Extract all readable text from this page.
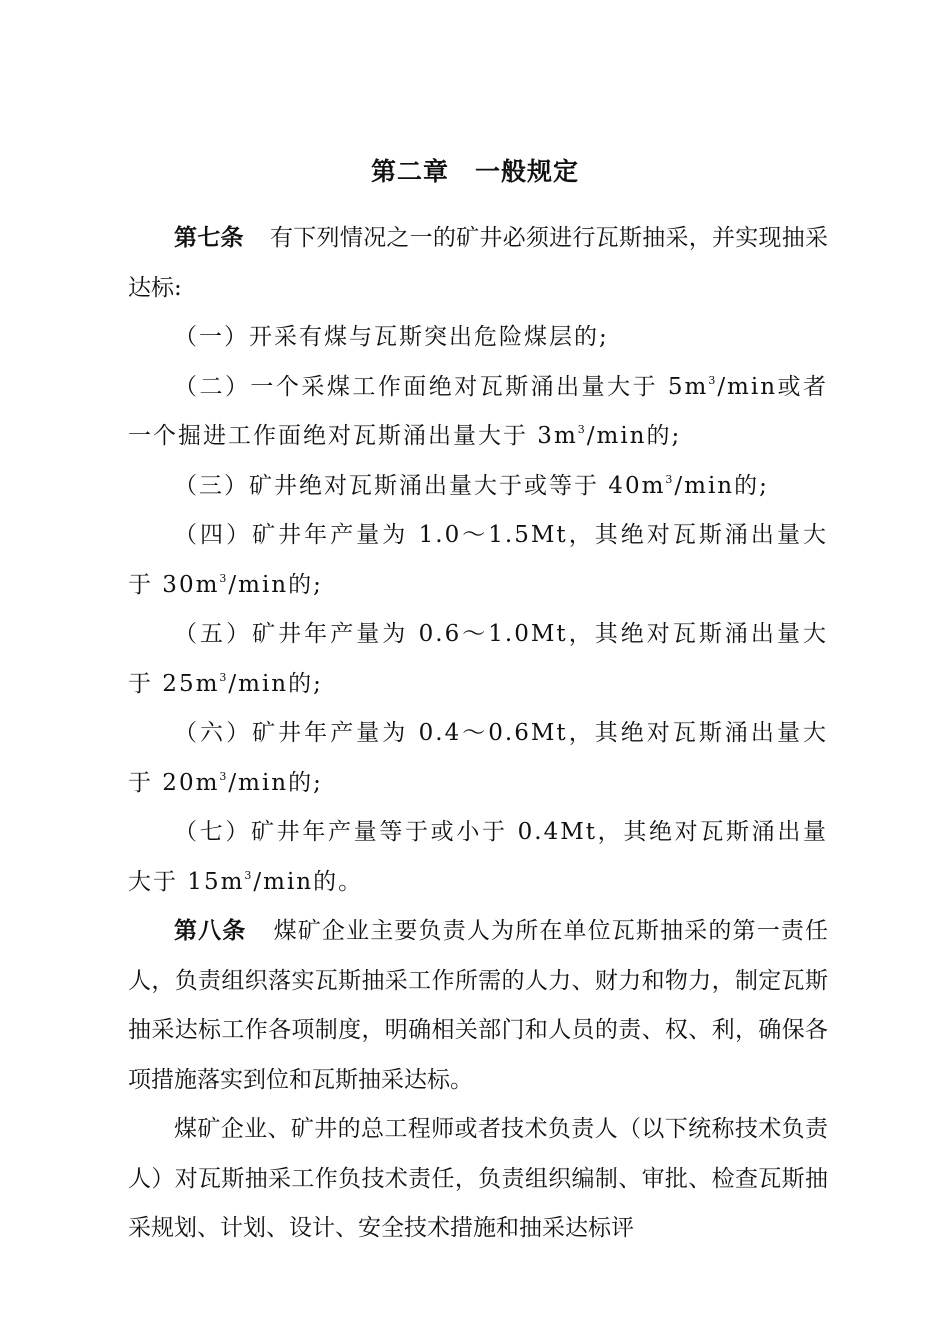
第二章　一般规定

第七条 有下列情况之一的矿井必须进行瓦斯抽采，并实现抽采达标:

（一）开采有煤与瓦斯突出危险煤层的;

（二）一个采煤工作面绝对瓦斯涌出量大于 $5m^3/\min$或者一个掘进工作面绝对瓦斯涌出量大于 $3m^3/\min$的;

（三）矿井绝对瓦斯涌出量大于或等于 $40m^3/\min$的;

（四）矿井年产量为 1.0～1.5Mt，其绝对瓦斯涌出量大于 $30m^3/\min$的;

（五）矿井年产量为 0.6～1.0Mt，其绝对瓦斯涌出量大于 $25m^3/\min$的;

（六）矿井年产量为 0.4～0.6Mt，其绝对瓦斯涌出量大于 $20m^3/\min$的;

（七）矿井年产量等于或小于 0.4Mt，其绝对瓦斯涌出量大于 $15m^3/\min$的。

第八条 煤矿企业主要负责人为所在单位瓦斯抽采的第一责任人，负责组织落实瓦斯抽采工作所需的人力、财力和物力，制定瓦斯抽采达标工作各项制度，明确相关部门和人员的责、权、利，确保各项措施落实到位和瓦斯抽采达标。

煤矿企业、矿井的总工程师或者技术负责人（以下统称技术负责人）对瓦斯抽采工作负技术责任，负责组织编制、审批、检查瓦斯抽采规划、计划、设计、安全技术措施和抽采达标评
